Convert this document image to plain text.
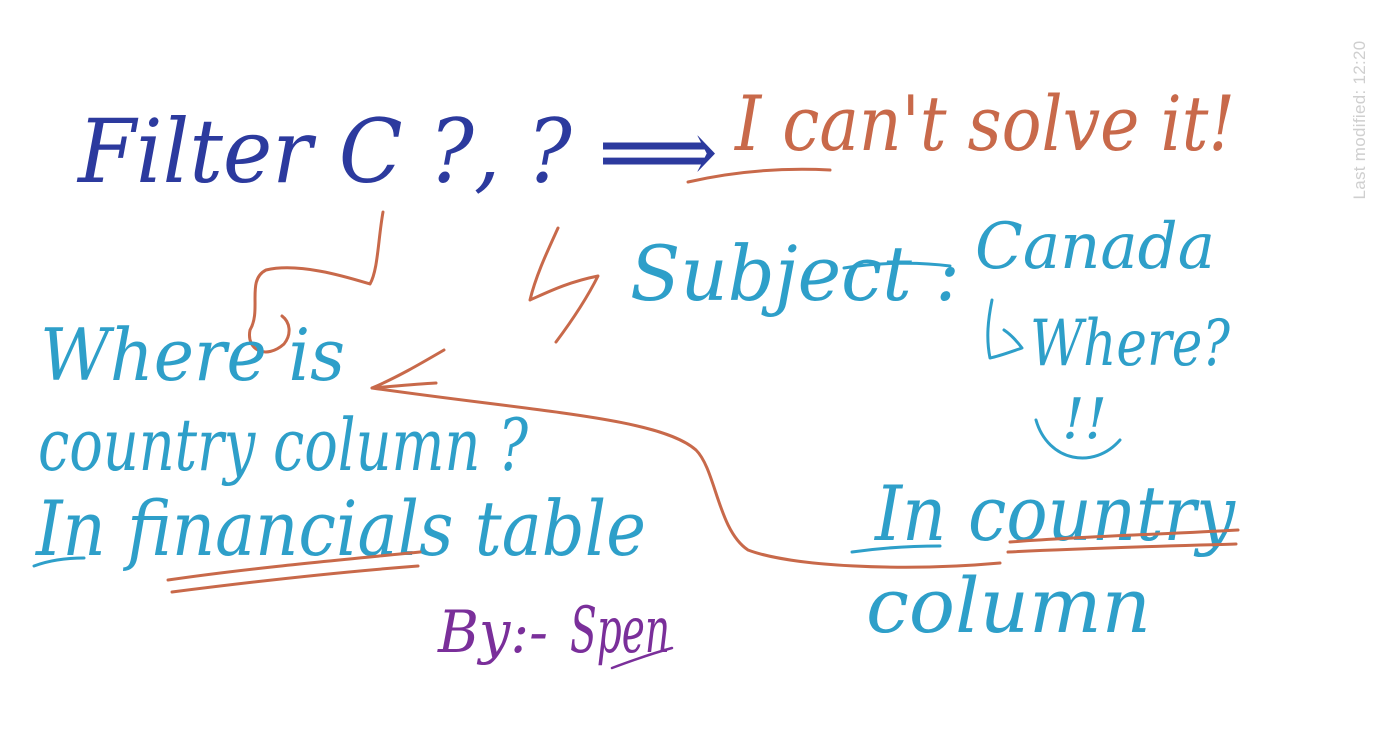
Filter C ?, ? ⟹ I can't solve it!
Subject : Canada
Where?
!!
Where is
country column ?
In financials table	In country
column
By:- Spen
Last modified: 12:20
